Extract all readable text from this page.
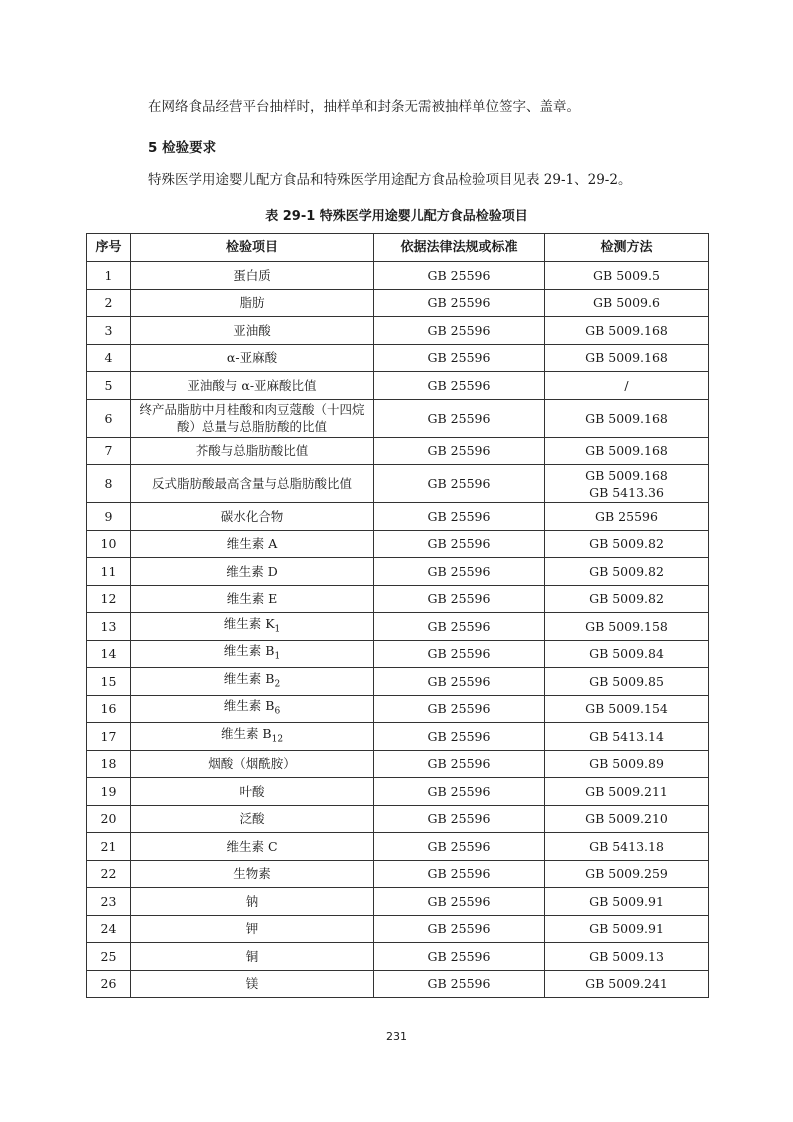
在网络食品经营平台抽样时，抽样单和封条无需被抽样单位签字、盖章。
5 检验要求
特殊医学用途婴儿配方食品和特殊医学用途配方食品检验项目见表 29-1、29-2。
表 29-1 特殊医学用途婴儿配方食品检验项目
序号	检验项目	依据法律法规或标准	检测方法
1	蛋白质	GB 25596	GB 5009.5

2	脂肪	GB 25596	GB 5009.6

3	亚油酸	GB 25596	GB 5009.168

4	α-亚麻酸	GB 25596	GB 5009.168

5	亚油酸与 α-亚麻酸比值	GB 25596	/

6	终产品脂肪中月桂酸和肉豆蔻酸（十四烷酸）总量与总脂肪酸的比值	GB 25596	GB 5009.168

7	芥酸与总脂肪酸比值	GB 25596	GB 5009.168

8	反式脂肪酸最高含量与总脂肪酸比值	GB 25596	GB 5009.168
GB 5413.36

9	碳水化合物	GB 25596	GB 25596

10	维生素 A	GB 25596	GB 5009.82

11	维生素 D	GB 25596	GB 5009.82

12	维生素 E	GB 25596	GB 5009.82

13	维生素 $K_1$	GB 25596	GB 5009.158

14	维生素 $B_1$	GB 25596	GB 5009.84

15	维生素 $B_2$	GB 25596	GB 5009.85

16	维生素 $B_6$	GB 25596	GB 5009.154

17	维生素 $B_{12}$	GB 25596	GB 5413.14

18	烟酸（烟酰胺）	GB 25596	GB 5009.89

19	叶酸	GB 25596	GB 5009.211

20	泛酸	GB 25596	GB 5009.210

21	维生素 C	GB 25596	GB 5413.18

22	生物素	GB 25596	GB 5009.259

23	钠	GB 25596	GB 5009.91

24	钾	GB 25596	GB 5009.91

25	铜	GB 25596	GB 5009.13

26	镁	GB 25596	GB 5009.241
231
